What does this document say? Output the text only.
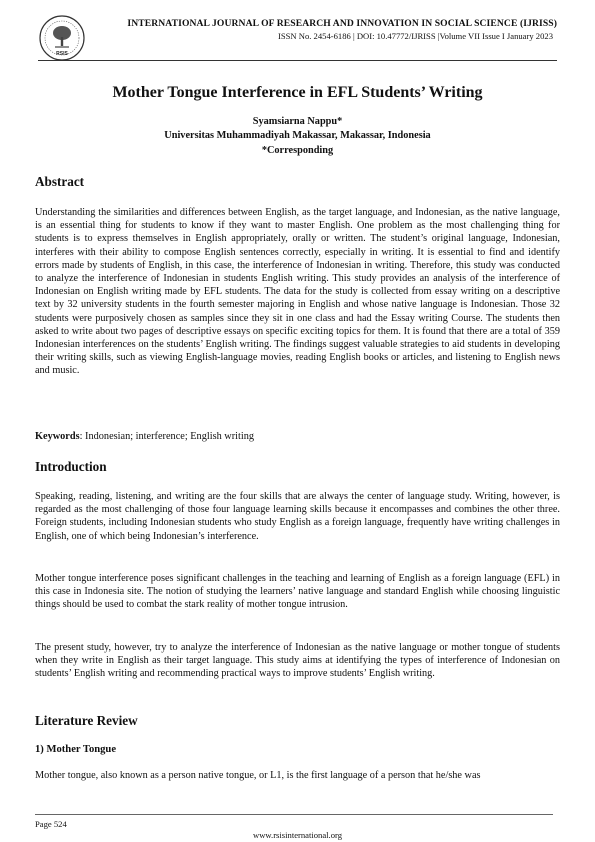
RSIS
INTERNATIONAL JOURNAL OF RESEARCH AND INNOVATION IN SOCIAL SCIENCE (IJRISS)
ISSN No. 2454-6186 | DOI: 10.47772/IJRISS |Volume VII Issue I January 2023
Mother Tongue Interference in EFL Students’ Writing
Syamsiarna Nappu*
Universitas Muhammadiyah Makassar, Makassar, Indonesia
*Corresponding
Abstract

Understanding the similarities and differences between English, as the target language, and Indonesian, as the native language, is an essential thing for students to know if they want to master English. One problem as the most challenging thing for students is to express themselves in English appropriately, orally or written. The student’s original language, Indonesian, interferes with their ability to compose English sentences correctly, especially in writing. It is essential to find and identify errors made by students of English, in this case, the interference of Indonesian in writing. Therefore, this study was conducted to analyze the interference of Indonesian in students English writing. This study provides an analysis of the interference of Indonesian on English writing made by EFL students. The data for the study is collected from essay writing on a descriptive text by 32 university students in the fourth semester majoring in English and whose native language is Indonesian. Those 32 students were purposively chosen as samples since they sit in one class and had the Essay writing Course. The students then asked to write about two pages of descriptive essays on specific exciting topics for them. It is found that there are a total of 359 Indonesian interferences on the students’ English writing. The findings suggest valuable strategies to aid students in developing their writing skills, such as viewing English-language movies, reading English books or articles, and listening to English news and music.

Keywords: Indonesian; interference; English writing
Introduction

Speaking, reading, listening, and writing are the four skills that are always the center of language study. Writing, however, is regarded as the most challenging of those four language learning skills because it encompasses and combines the other three. Foreign students, including Indonesian students who study English as a foreign language, frequently have writing challenges in English, one of which being Indonesian’s interference.

Mother tongue interference poses significant challenges in the teaching and learning of English as a foreign language (EFL) in this case in Indonesia site. The notion of studying the learners’ native language and standard English while choosing linguistic things should be used to combat the stark reality of mother tongue intrusion.

The present study, however, try to analyze the interference of Indonesian as the native language or mother tongue of students when they write in English as their target language. This study aims at identifying the types of interference of Indonesian on students’ English writing and recommending practical ways to improve students’ English writing.

Literature Review
1) Mother Tongue

Mother tongue, also known as a person native tongue, or L1, is the first language of a person that he/she was

Page 524
www.rsisinternational.org
